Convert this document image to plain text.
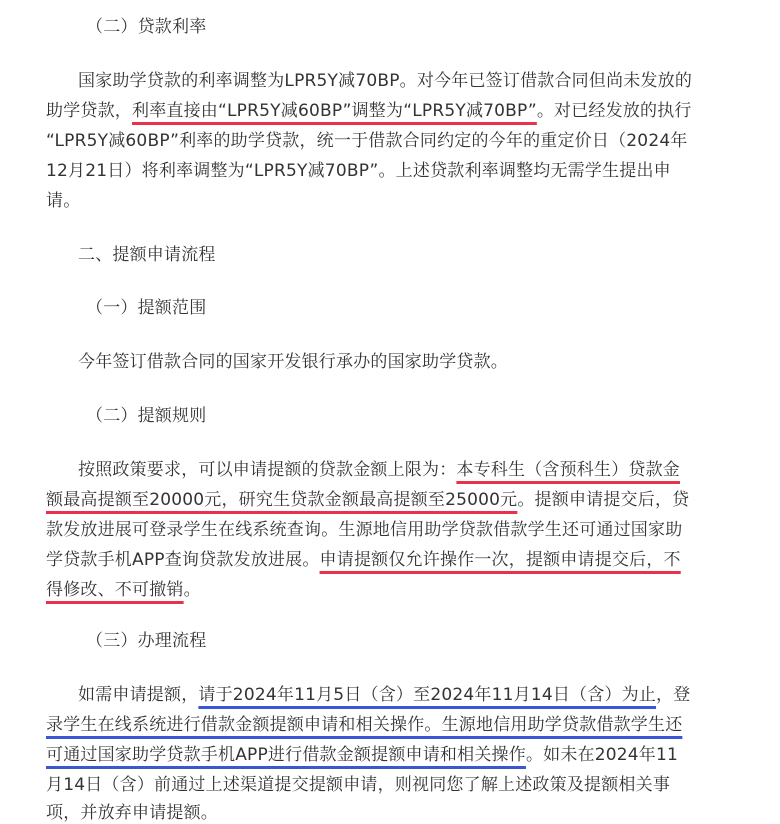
（二）贷款利率
国家助学贷款的利率调整为LPR5Y减70BP。对今年已签订借款合同但尚未发放的
助学贷款，利率直接由“LPR5Y减60BP”调整为“LPR5Y减70BP”。对已经发放的执行
“LPR5Y减60BP”利率的助学贷款，统一于借款合同约定的今年的重定价日（2024年
12月21日）将利率调整为“LPR5Y减70BP”。上述贷款利率调整均无需学生提出申
请。
二、提额申请流程
（一）提额范围
今年签订借款合同的国家开发银行承办的国家助学贷款。
（二）提额规则
按照政策要求，可以申请提额的贷款金额上限为：本专科生（含预科生）贷款金
额最高提额至20000元，研究生贷款金额最高提额至25000元。提额申请提交后，贷
款发放进展可登录学生在线系统查询。生源地信用助学贷款借款学生还可通过国家助
学贷款手机APP查询贷款发放进展。申请提额仅允许操作一次，提额申请提交后，不
得修改、不可撤销。
（三）办理流程
如需申请提额，请于2024年11月5日（含）至2024年11月14日（含）为止，登
录学生在线系统进行借款金额提额申请和相关操作。生源地信用助学贷款借款学生还
可通过国家助学贷款手机APP进行借款金额提额申请和相关操作。如未在2024年11
月14日（含）前通过上述渠道提交提额申请，则视同您了解上述政策及提额相关事
项，并放弃申请提额。
